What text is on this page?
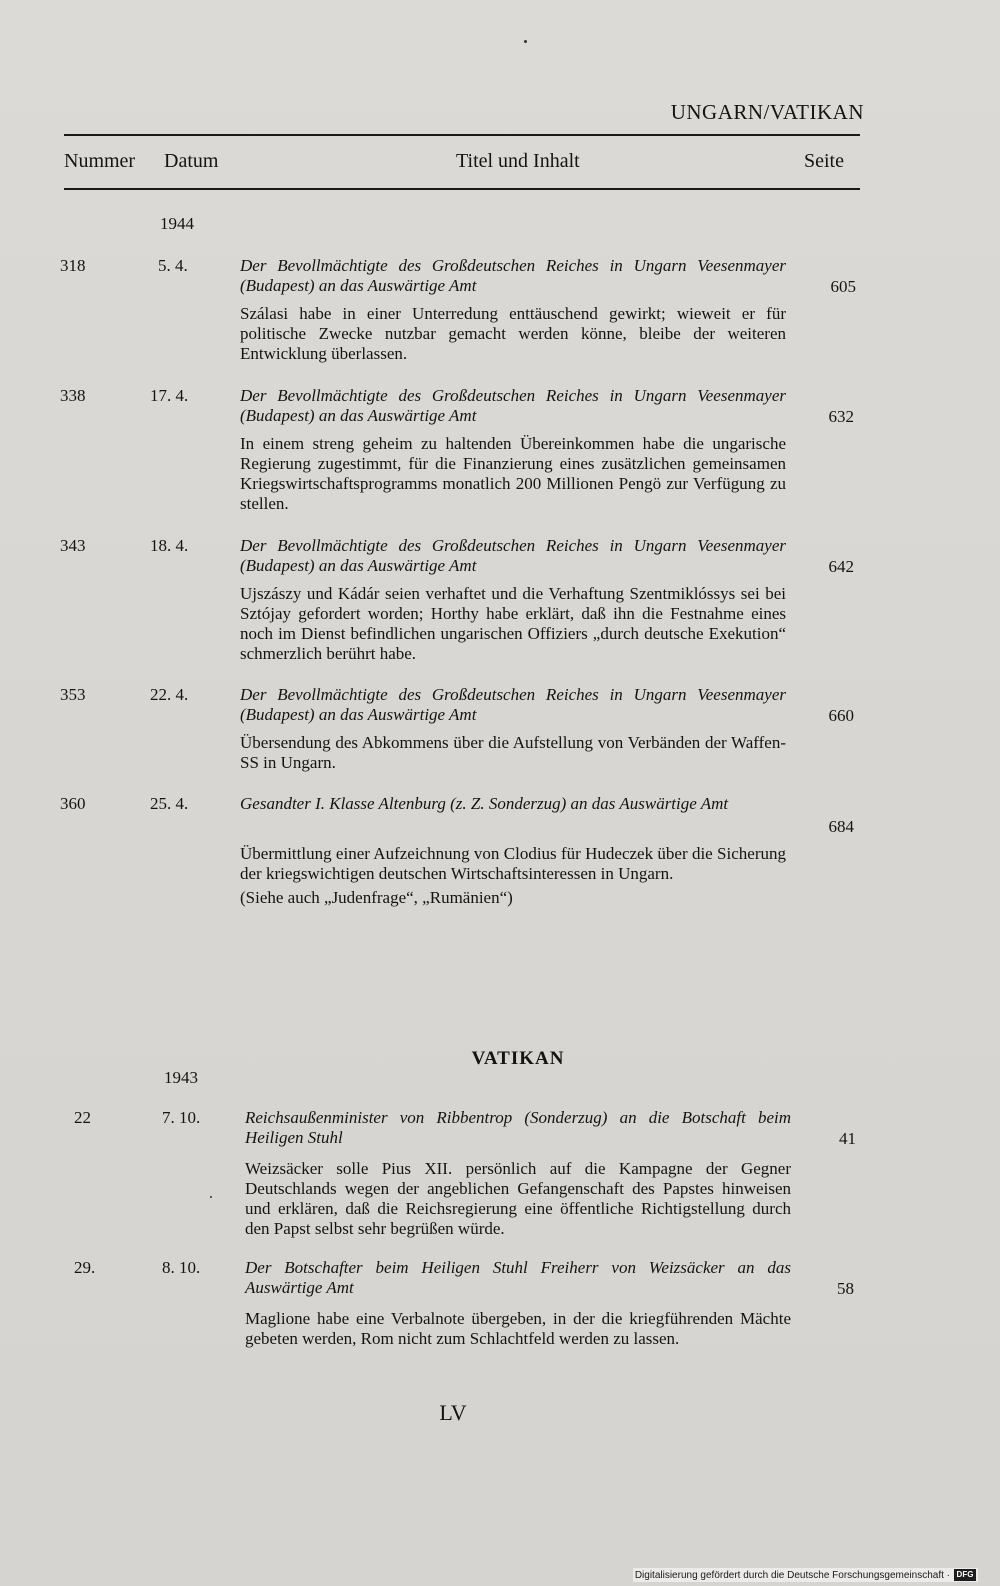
UNGARN/VATIKAN
Nummer Datum	Titel und Inhalt	Seite
1944
318	5. 4.	Der Bevollmächtigte des Großdeutschen Reiches in Ungarn Veesenmayer (Budapest) an das Auswärtige Amt	605

Szálasi habe in einer Unterredung enttäuschend gewirkt; wieweit er für politische Zwecke nutzbar gemacht werden könne, bleibe der weiteren Entwicklung überlassen.

338	17. 4.	Der Bevollmächtigte des Großdeutschen Reiches in Ungarn Veesenmayer (Budapest) an das Auswärtige Amt	632

In einem streng geheim zu haltenden Übereinkommen habe die ungarische Regierung zugestimmt, für die Finanzierung eines zusätzlichen gemeinsamen Kriegswirtschaftsprogramms monatlich 200 Millionen Pengö zur Verfügung zu stellen.

343	18. 4.	Der Bevollmächtigte des Großdeutschen Reiches in Ungarn Veesenmayer (Budapest) an das Auswärtige Amt	642

Ujszászy und Kádár seien verhaftet und die Verhaftung Szentmiklóssys sei bei Sztójay gefordert worden; Horthy habe erklärt, daß ihn die Festnahme eines noch im Dienst befindlichen ungarischen Offiziers „durch deutsche Exekution“ schmerzlich berührt habe.

353	22. 4.	Der Bevollmächtigte des Großdeutschen Reiches in Ungarn Veesenmayer (Budapest) an das Auswärtige Amt	660

Übersendung des Abkommens über die Aufstellung von Verbänden der Waffen-SS in Ungarn.

360	25. 4.	Gesandter I. Klasse Altenburg (z. Z. Sonderzug) an das Auswärtige Amt
684

Übermittlung einer Aufzeichnung von Clodius für Hudeczek über die Sicherung der kriegswichtigen deutschen Wirtschaftsinteressen in Ungarn.

(Siehe auch „Judenfrage“, „Rumänien“)

VATIKAN
1943
22	7. 10.	Reichsaußenminister von Ribbentrop (Sonderzug) an die Botschaft beim Heiligen Stuhl	41

Weizsäcker solle Pius XII. persönlich auf die Kampagne der Gegner Deutschlands wegen der angeblichen Gefangenschaft des Papstes hinweisen und erklären, daß die Reichsregierung eine öffentliche Richtigstellung durch den Papst selbst sehr begrüßen würde.

29.	8. 10.	Der Botschafter beim Heiligen Stuhl Freiherr von Weizsäcker an das Auswärtige Amt	58

Maglione habe eine Verbalnote übergeben, in der die kriegführenden Mächte gebeten werden, Rom nicht zum Schlachtfeld werden zu lassen.

LV
Digitalisierung gefördert durch die Deutsche Forschungsgemeinschaft · DFG
